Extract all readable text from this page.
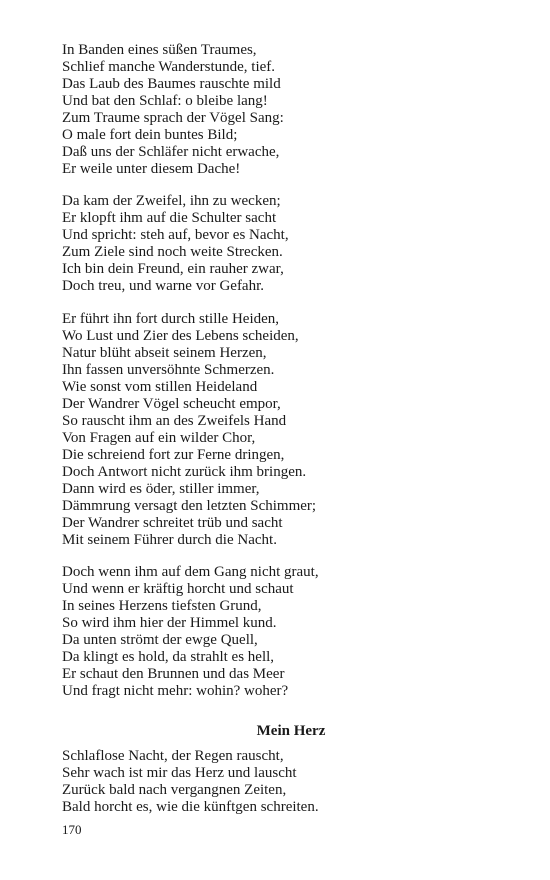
In Banden eines süßen Traumes,
Schlief manche Wanderstunde, tief.
Das Laub des Baumes rauschte mild
Und bat den Schlaf: o bleibe lang!
Zum Traume sprach der Vögel Sang:
O male fort dein buntes Bild;
Daß uns der Schläfer nicht erwache,
Er weile unter diesem Dache!
Da kam der Zweifel, ihn zu wecken;
Er klopft ihm auf die Schulter sacht
Und spricht: steh auf, bevor es Nacht,
Zum Ziele sind noch weite Strecken.
Ich bin dein Freund, ein rauher zwar,
Doch treu, und warne vor Gefahr.
Er führt ihn fort durch stille Heiden,
Wo Lust und Zier des Lebens scheiden,
Natur blüht abseit seinem Herzen,
Ihn fassen unversöhnte Schmerzen.
Wie sonst vom stillen Heideland
Der Wandrer Vögel scheucht empor,
So rauscht ihm an des Zweifels Hand
Von Fragen auf ein wilder Chor,
Die schreiend fort zur Ferne dringen,
Doch Antwort nicht zurück ihm bringen.
Dann wird es öder, stiller immer,
Dämmrung versagt den letzten Schimmer;
Der Wandrer schreitet trüb und sacht
Mit seinem Führer durch die Nacht.
Doch wenn ihm auf dem Gang nicht graut,
Und wenn er kräftig horcht und schaut
In seines Herzens tiefsten Grund,
So wird ihm hier der Himmel kund.
Da unten strömt der ewge Quell,
Da klingt es hold, da strahlt es hell,
Er schaut den Brunnen und das Meer
Und fragt nicht mehr: wohin? woher?
Mein Herz
Schlaflose Nacht, der Regen rauscht,
Sehr wach ist mir das Herz und lauscht
Zurück bald nach vergangnen Zeiten,
Bald horcht es, wie die künftgen schreiten.
170
